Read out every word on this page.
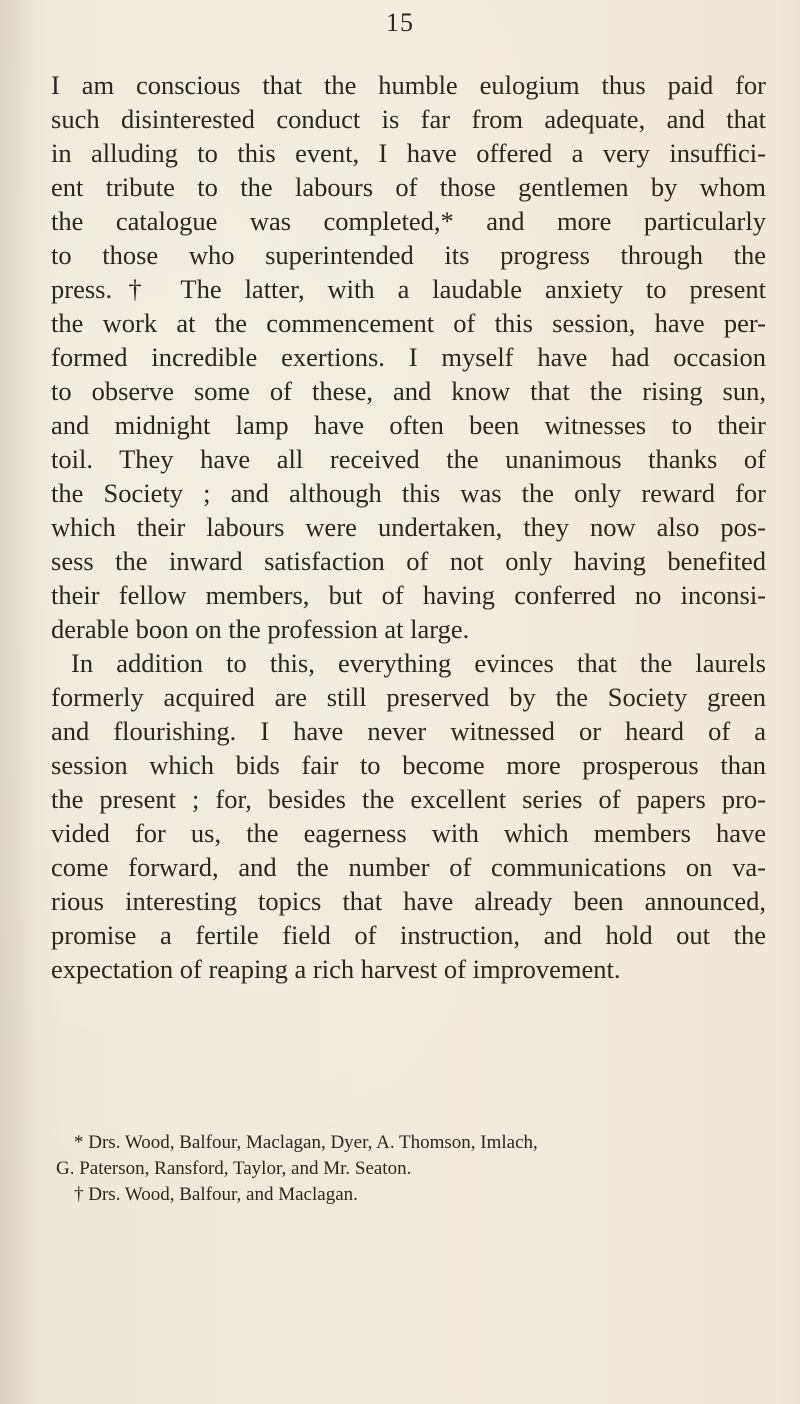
15

I am conscious that the humble eulogium thus paid for
such disinterested conduct is far from adequate, and that
in alluding to this event, I have offered a very insuffici-
ent tribute to the labours of those gentlemen by whom
the catalogue was completed,* and more particularly
to those who superintended its progress through the
press.† The latter, with a laudable anxiety to present
the work at the commencement of this session, have per-
formed incredible exertions. I myself have had occasion
to observe some of these, and know that the rising sun,
and midnight lamp have often been witnesses to their
toil. They have all received the unanimous thanks of
the Society ; and although this was the only reward for
which their labours were undertaken, they now also pos-
sess the inward satisfaction of not only having benefited
their fellow members, but of having conferred no inconsi-
derable boon on the profession at large.

In addition to this, everything evinces that the laurels
formerly acquired are still preserved by the Society green
and flourishing. I have never witnessed or heard of a
session which bids fair to become more prosperous than
the present ; for, besides the excellent series of papers pro-
vided for us, the eagerness with which members have
come forward, and the number of communications on va-
rious interesting topics that have already been announced,
promise a fertile field of instruction, and hold out the
expectation of reaping a rich harvest of improvement.

* Drs. Wood, Balfour, Maclagan, Dyer, A. Thomson, Imlach,
G. Paterson, Ransford, Taylor, and Mr. Seaton.
† Drs. Wood, Balfour, and Maclagan.
